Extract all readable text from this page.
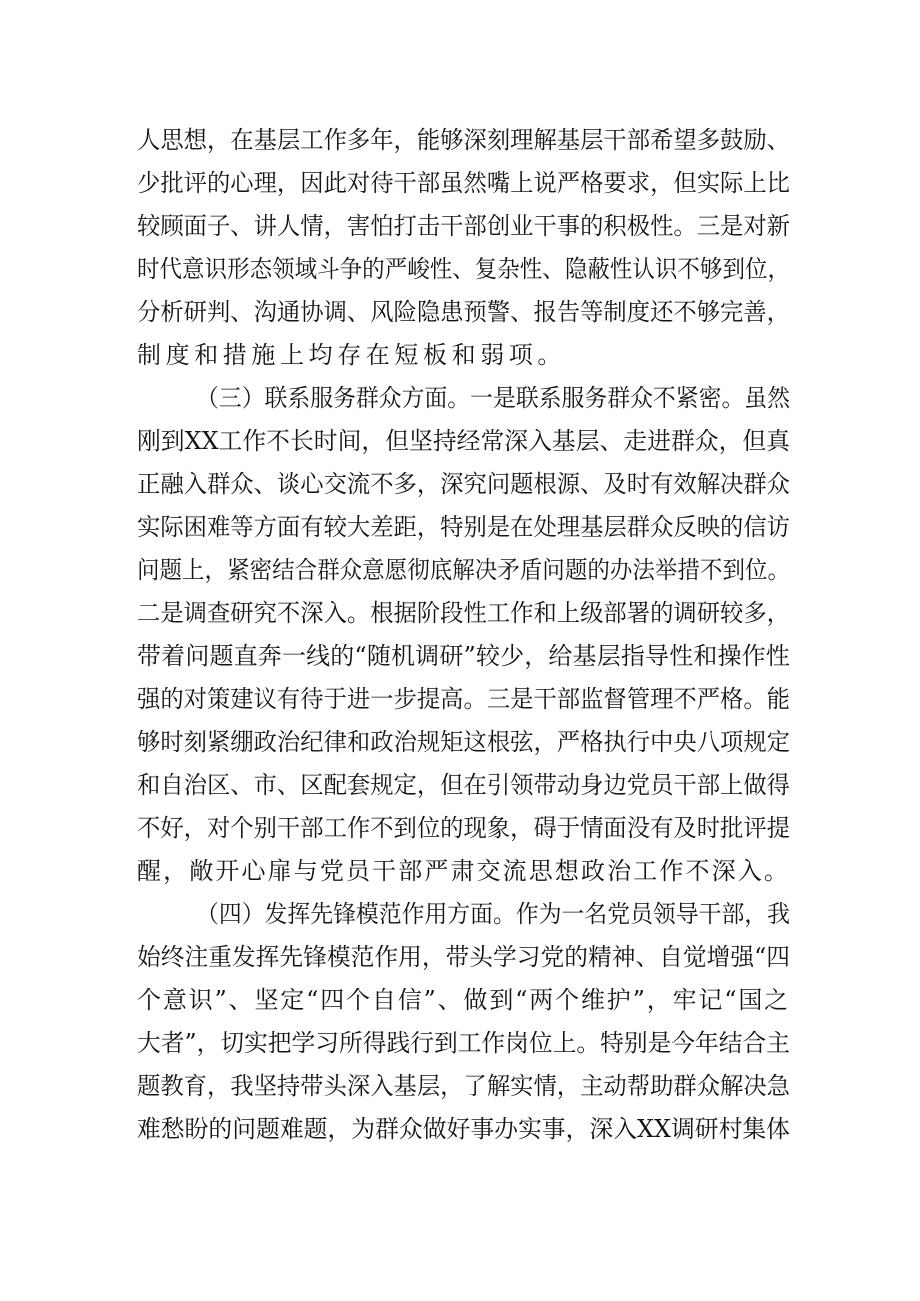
人思想，在基层工作多年，能够深刻理解基层干部希望多鼓励、
少批评的心理，因此对待干部虽然嘴上说严格要求，但实际上比
较顾面子、讲人情，害怕打击干部创业干事的积极性。三是对新
时代意识形态领域斗争的严峻性、复杂性、隐蔽性认识不够到位，
分析研判、沟通协调、风险隐患预警、报告等制度还不够完善，
制度和措施上均存在短板和弱项。
（三）联系服务群众方面。一是联系服务群众不紧密。虽然
刚到XX工作不长时间，但坚持经常深入基层、走进群众，但真
正融入群众、谈心交流不多，深究问题根源、及时有效解决群众
实际困难等方面有较大差距，特别是在处理基层群众反映的信访
问题上，紧密结合群众意愿彻底解决矛盾问题的办法举措不到位。
二是调查研究不深入。根据阶段性工作和上级部署的调研较多，
带着问题直奔一线的“随机调研”较少，给基层指导性和操作性
强的对策建议有待于进一步提高。三是干部监督管理不严格。能
够时刻紧绷政治纪律和政治规矩这根弦，严格执行中央八项规定
和自治区、市、区配套规定，但在引领带动身边党员干部上做得
不好，对个别干部工作不到位的现象，碍于情面没有及时批评提
醒，敞开心扉与党员干部严肃交流思想政治工作不深入。
（四）发挥先锋模范作用方面。作为一名党员领导干部，我
始终注重发挥先锋模范作用，带头学习党的精神、自觉增强“四
个意识”、坚定“四个自信”、做到“两个维护”，牢记“国之
大者”，切实把学习所得践行到工作岗位上。特别是今年结合主
题教育，我坚持带头深入基层，了解实情，主动帮助群众解决急
难愁盼的问题难题，为群众做好事办实事，深入XX调研村集体
